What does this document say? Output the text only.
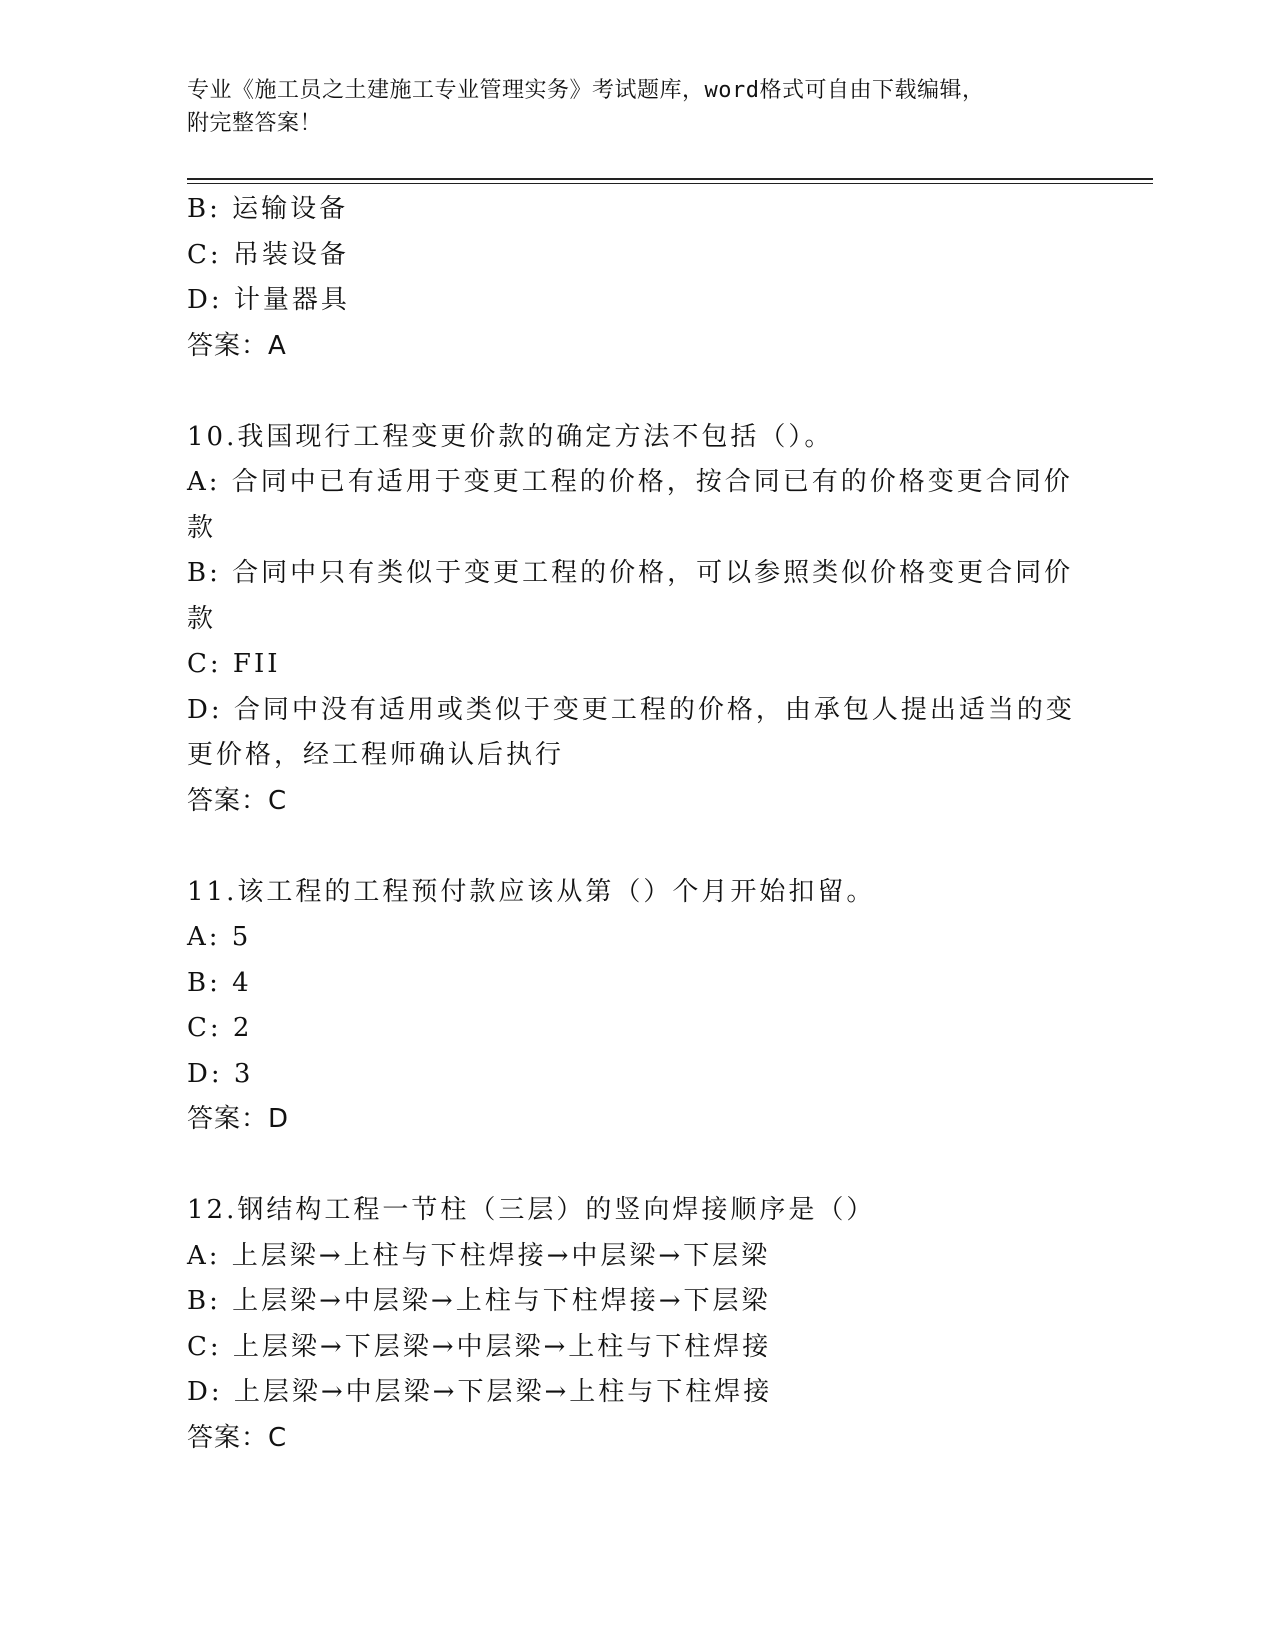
专业《施工员之土建施工专业管理实务》考试题库，word格式可自由下载编辑，
附完整答案！
B: 运输设备
C: 吊装设备
D: 计量器具
答案：A
10.我国现行工程变更价款的确定方法不包括（）。
A: 合同中已有适用于变更工程的价格，按合同已有的价格变更合同价
款
B: 合同中只有类似于变更工程的价格，可以参照类似价格变更合同价
款
C: FII
D: 合同中没有适用或类似于变更工程的价格，由承包人提出适当的变
更价格，经工程师确认后执行
答案：C
11.该工程的工程预付款应该从第（）个月开始扣留。
A: 5
B: 4
C: 2
D: 3
答案：D
12.钢结构工程一节柱（三层）的竖向焊接顺序是（）
A: 上层梁→上柱与下柱焊接→中层梁→下层梁
B: 上层梁→中层梁→上柱与下柱焊接→下层梁
C: 上层梁→下层梁→中层梁→上柱与下柱焊接
D: 上层梁→中层梁→下层梁→上柱与下柱焊接
答案：C
